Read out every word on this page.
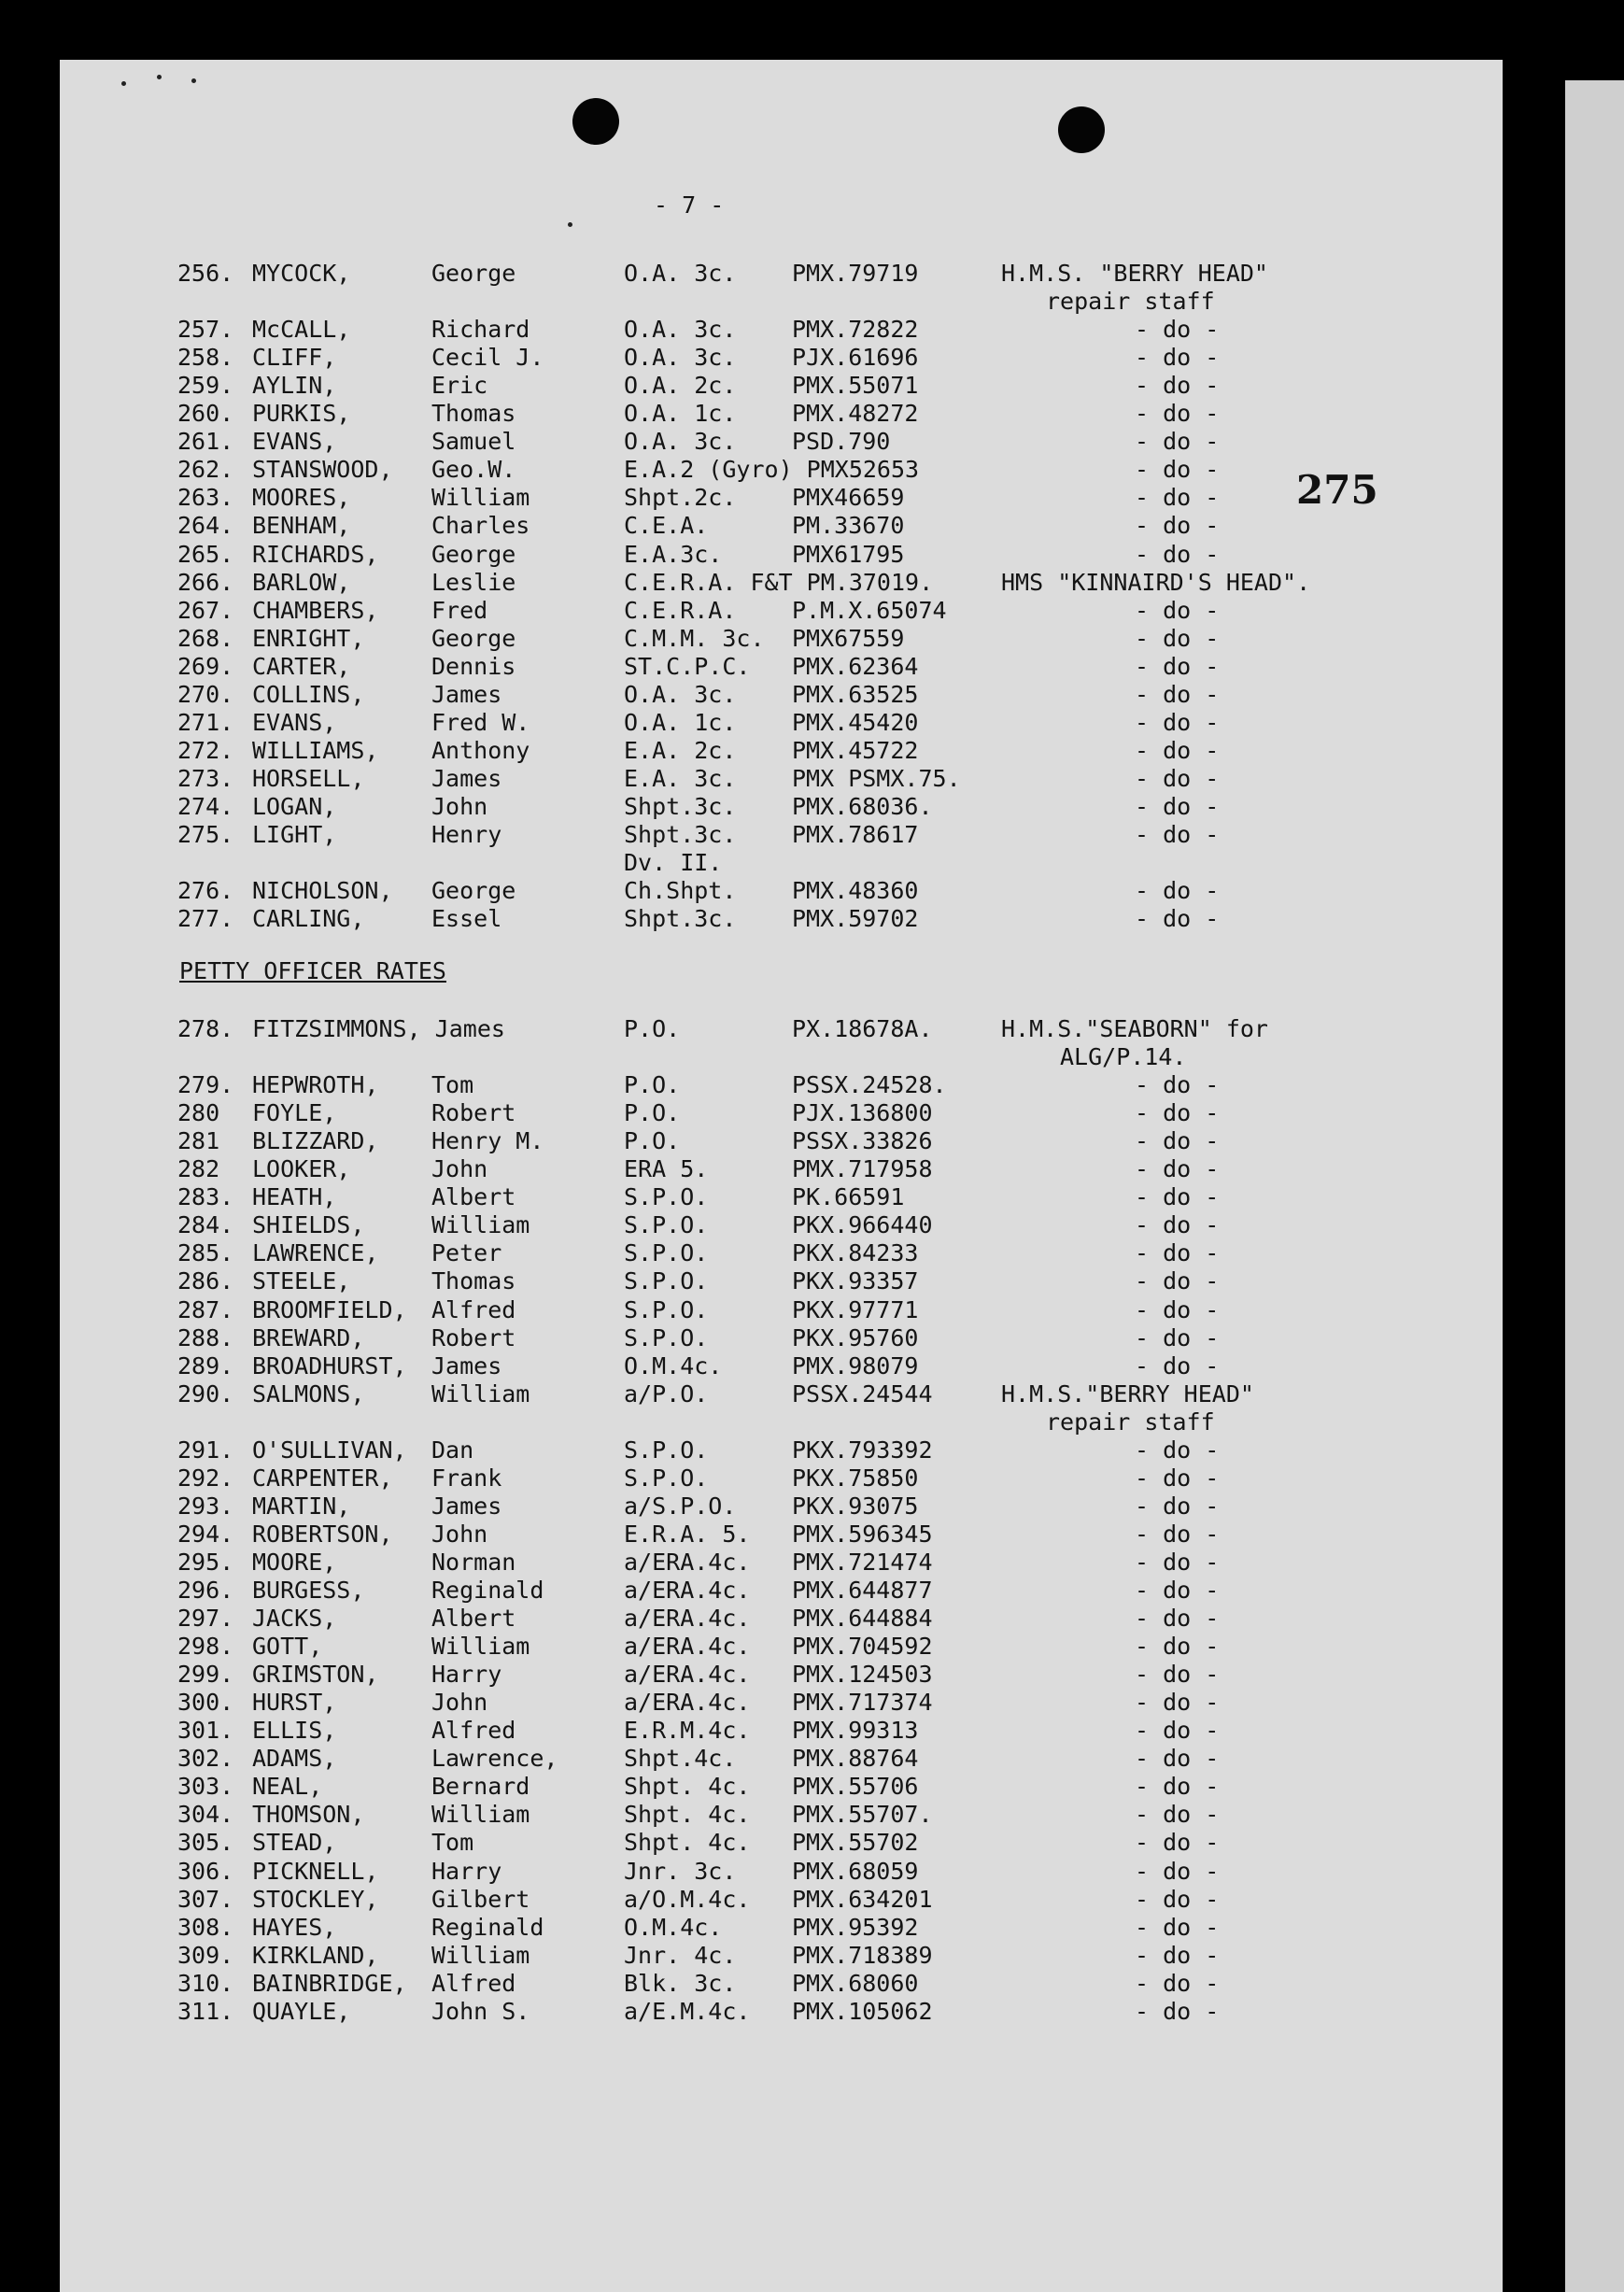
- 7 -
275
PETTY OFFICER RATES
256. MYCOCK,	George	O.A. 3c. PMX.79719	H.M.S. "BERRY HEAD"
repair staff
257. McCALL,	Richard	O.A. 3c. PMX.72822	- do -
258. CLIFF,	Cecil J.	O.A. 3c. PJX.61696	- do -
259. AYLIN,	Eric	O.A. 2c. PMX.55071	- do -
260. PURKIS,	Thomas	O.A. 1c. PMX.48272	- do -
261. EVANS,	Samuel	O.A. 3c. PSD.790	- do -
262. STANSWOOD, Geo.W.	E.A.2 (Gyro) PMX52653	- do -
263. MOORES,	William	Shpt.2c. PMX46659	- do -
264. BENHAM,	Charles	C.E.A.	PM.33670	- do -
265. RICHARDS, George	E.A.3c.	PMX61795	- do -
266. BARLOW,	Leslie	C.E.R.A. F&T PM.37019.	HMS "KINNAIRD'S HEAD".
267. CHAMBERS, Fred	C.E.R.A. P.M.X.65074	- do -
268. ENRIGHT,	George	C.M.M. 3c. PMX67559	- do -
269. CARTER,	Dennis	ST.C.P.C. PMX.62364	- do -
270. COLLINS,	James	O.A. 3c. PMX.63525	- do -
271. EVANS,	Fred W.	O.A. 1c. PMX.45420	- do -
272. WILLIAMS, Anthony	E.A. 2c. PMX.45722	- do -
273. HORSELL,	James	E.A. 3c. PMX PSMX.75.	- do -
274. LOGAN,	John	Shpt.3c. PMX.68036.	- do -
275. LIGHT,	Henry	Shpt.3c. PMX.78617	- do -
Dv. II.
276. NICHOLSON, George	Ch.Shpt. PMX.48360	- do -
277. CARLING,	Essel	Shpt.3c. PMX.59702	- do -
278. FITZSIMMONS, James	P.O.	PX.18678A.	H.M.S."SEABORN" for
ALG/P.14.
279. HEPWROTH, Tom	P.O.	PSSX.24528.	- do -
280 FOYLE,	Robert	P.O.	PJX.136800	- do -
281 BLIZZARD, Henry M.	P.O.	PSSX.33826	- do -
282 LOOKER,	John	ERA 5.	PMX.717958	- do -
283. HEATH,	Albert	S.P.O.	PK.66591	- do -
284. SHIELDS,	William	S.P.O.	PKX.966440	- do -
285. LAWRENCE, Peter	S.P.O.	PKX.84233	- do -
286. STEELE,	Thomas	S.P.O.	PKX.93357	- do -
287. BROOMFIELD, Alfred	S.P.O.	PKX.97771	- do -
288. BREWARD,	Robert	S.P.O.	PKX.95760	- do -
289. BROADHURST, James	O.M.4c.	PMX.98079	- do -
290. SALMONS,	William	a/P.O.	PSSX.24544	H.M.S."BERRY HEAD"
repair staff
291. O'SULLIVAN, Dan	S.P.O.	PKX.793392	- do -
292. CARPENTER, Frank	S.P.O.	PKX.75850	- do -
293. MARTIN,	James	a/S.P.O. PKX.93075	- do -
294. ROBERTSON, John	E.R.A. 5. PMX.596345	- do -
295. MOORE,	Norman	a/ERA.4c. PMX.721474	- do -
296. BURGESS,	Reginald	a/ERA.4c. PMX.644877	- do -
297. JACKS,	Albert	a/ERA.4c. PMX.644884	- do -
298. GOTT,	William	a/ERA.4c. PMX.704592	- do -
299. GRIMSTON, Harry	a/ERA.4c. PMX.124503	- do -
300. HURST,	John	a/ERA.4c. PMX.717374	- do -
301. ELLIS,	Alfred	E.R.M.4c. PMX.99313	- do -
302. ADAMS,	Lawrence,	Shpt.4c. PMX.88764	- do -
303. NEAL,	Bernard	Shpt. 4c. PMX.55706	- do -
304. THOMSON,	William	Shpt. 4c. PMX.55707.	- do -
305. STEAD,	Tom	Shpt. 4c. PMX.55702	- do -
306. PICKNELL, Harry	Jnr. 3c. PMX.68059	- do -
307. STOCKLEY, Gilbert	a/O.M.4c. PMX.634201	- do -
308. HAYES,	Reginald	O.M.4c.	PMX.95392	- do -
309. KIRKLAND, William	Jnr. 4c. PMX.718389	- do -
310. BAINBRIDGE, Alfred	Blk. 3c. PMX.68060	- do -
311. QUAYLE,	John S.	a/E.M.4c. PMX.105062	- do -
